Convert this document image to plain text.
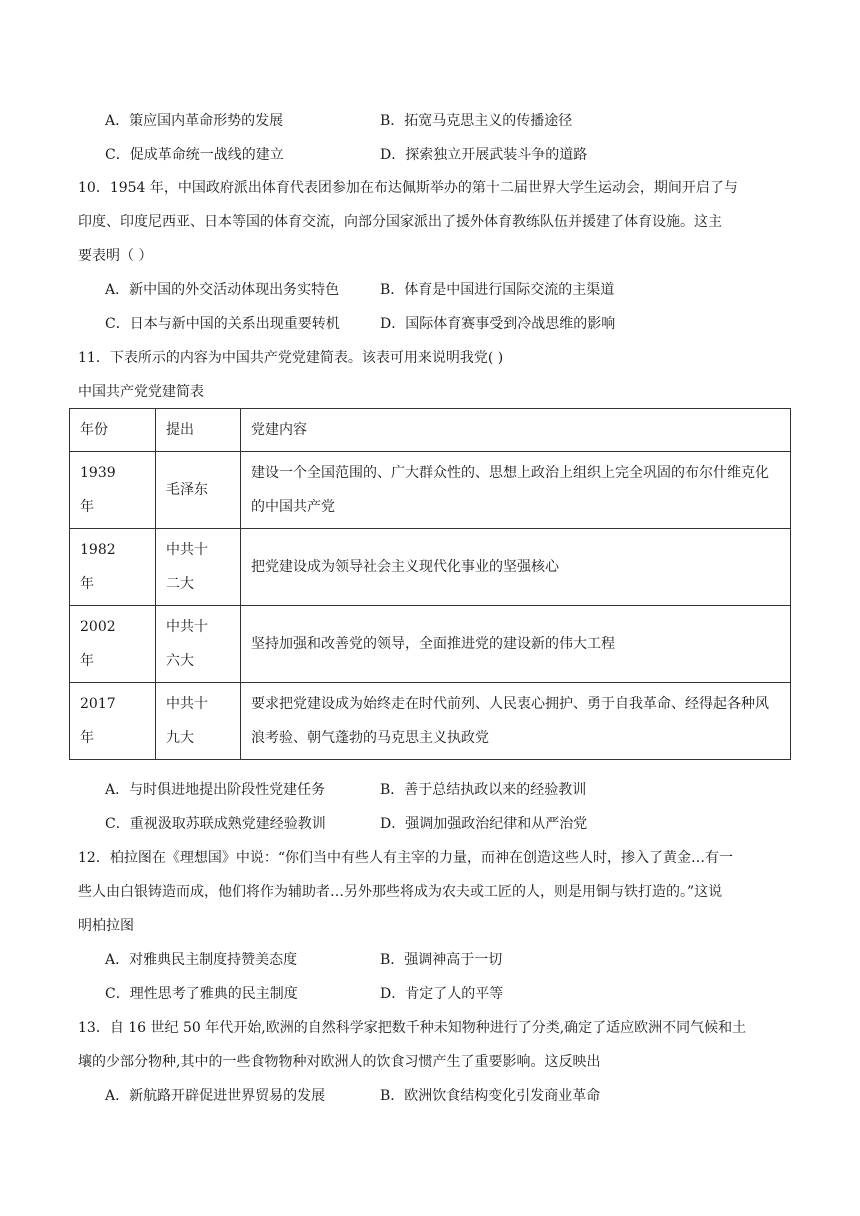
A．策应国内革命形势的发展	B．拓宽马克思主义的传播途径
C．促成革命统一战线的建立	D．探索独立开展武装斗争的道路
10．1954 年，中国政府派出体育代表团参加在布达佩斯举办的第十二届世界大学生运动会，期间开启了与
印度、印度尼西亚、日本等国的体育交流，向部分国家派出了援外体育教练队伍并援建了体育设施。这主
要表明（ ）
A．新中国的外交活动体现出务实特色	B．体育是中国进行国际交流的主渠道
C．日本与新中国的关系出现重要转机	D．国际体育赛事受到冷战思维的影响
11．下表所示的内容为中国共产党党建简表。该表可用来说明我党( )
中国共产党党建简表
年份	提出	党建内容
1939
年	毛泽东	建设一个全国范围的、广大群众性的、思想上政治上组织上完全巩固的布尔什维克化
的中国共产党
1982
年	中共十
二大	把党建设成为领导社会主义现代化事业的坚强核心
2002
年	中共十
六大	坚持加强和改善党的领导，全面推进党的建设新的伟大工程
2017
年	中共十
九大	要求把党建设成为始终走在时代前列、人民衷心拥护、勇于自我革命、经得起各种风
浪考验、朝气蓬勃的马克思主义执政党
A．与时俱进地提出阶段性党建任务	B．善于总结执政以来的经验教训
C．重视汲取苏联成熟党建经验教训	D．强调加强政治纪律和从严治党
12．柏拉图在《理想国》中说：“你们当中有些人有主宰的力量，而神在创造这些人时，掺入了黄金…有一
些人由白银铸造而成，他们将作为辅助者…另外那些将成为农夫或工匠的人，则是用铜与铁打造的。”这说
明柏拉图
A．对雅典民主制度持赞美态度	B．强调神高于一切
C．理性思考了雅典的民主制度	D．肯定了人的平等
13．自 16 世纪 50 年代开始,欧洲的自然科学家把数千种未知物种进行了分类,确定了适应欧洲不同气候和土
壤的少部分物种,其中的一些食物物种对欧洲人的饮食习惯产生了重要影响。这反映出
A．新航路开辟促进世界贸易的发展	B．欧洲饮食结构变化引发商业革命
